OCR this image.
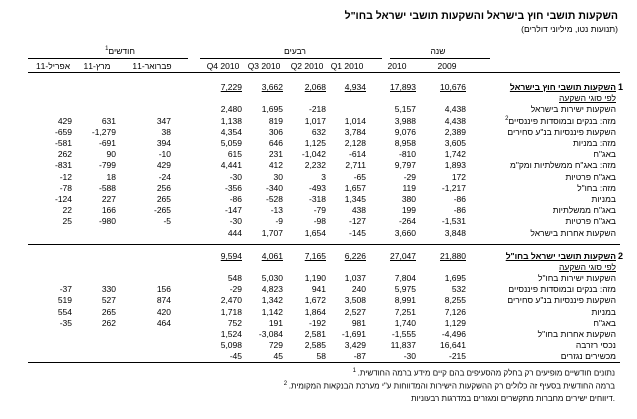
השקעות תושבי חוץ בישראל והשקעות תושבי ישראל בחו"ל
(תנועות נטו, מיליוני דולרים)
שנה
רבעים
חודשים$^1$
2009
2010
Q1 2010
Q2 2010
Q3 2010
Q4 2010
פברואר-11
מרץ-11
אפריל-11
1
השקעות תושבי חוץ בישראל
10,676
17,893
4,934
2,068
3,662
7,229
לפי סוגי השקעה
השקעות ישירות בישראל
4,438
5,157
-218
1,695
2,480
$^2$מזה: בנקים ובמוסדות פיננסיים
4,438
3,988
1,014
1,017
819
1,138
347
631
429
השקעות פיננסיות בנ"ע סחירים
2,389
9,076
3,784
632
306
4,354
38
-1,279
-659
מזה: במניות
3,605
8,958
2,128
1,125
646
5,059
394
-691
-581
באג"ח
1,742
-810
-614
-1,042
231
615
-10
90
262
מזה: באג"ח ממשלתיות ומק"מ
1,893
9,797
2,711
2,232
412
4,441
429
-799
-831
באג"ח פרטיות
172
-29
-65
3
30
-30
-24
18
-12
מזה: בחו"ל
-1,217
119
1,657
-493
-340
-356
256
-588
-78
במניות
-86
380
1,345
-318
-528
-86
265
227
-124
באג"ח ממשלתיות
-86
199
438
-79
-13
-147
-265
166
22
באג"ח פרטיות
-1,531
-264
-127
-98
-9
-30
-5
-980
25
השקעות אחרות בישראל
3,848
3,660
-145
1,654
1,707
444
2
השקעות תושבי ישראל בחו"ל
21,880
27,047
6,226
7,165
4,061
9,594
לפי סוגי השקעה
השקעות ישירות בחו"ל
1,695
7,804
1,037
1,190
5,030
548
מזה: בנקים ובמוסדות פיננסיים
532
5,975
240
941
4,823
-29
156
330
-37
השקעות פיננסיות בנ"ע סחירים
8,255
8,991
3,508
1,672
1,342
2,470
874
527
519
במניות
7,126
7,251
2,527
1,864
1,142
1,718
420
265
554
באג"ח
1,129
1,740
981
-192
191
752
464
262
-35
השקעות אחרות בחו"ל
-4,496
-1,555
-1,691
2,581
-3,084
1,524
נכסי רזרבה
16,641
11,837
3,429
2,585
729
5,098
מכשירים נגזרים
-215
-30
-87
58
45
-45
נתונים חודשיים מופיעים רק בחלק מהסעיפים בהם קיים מידע ברמה החודשית. $^1$
ברמה החודשית בסעיף זה כלולים רק ההשקעות הישירות והמדווחות ע"י מערכת הבנקאות המקומית. $^2$
דיווחים ישירים מחברות מתקשרים ומגזרים במדרגות רבעוניות.
